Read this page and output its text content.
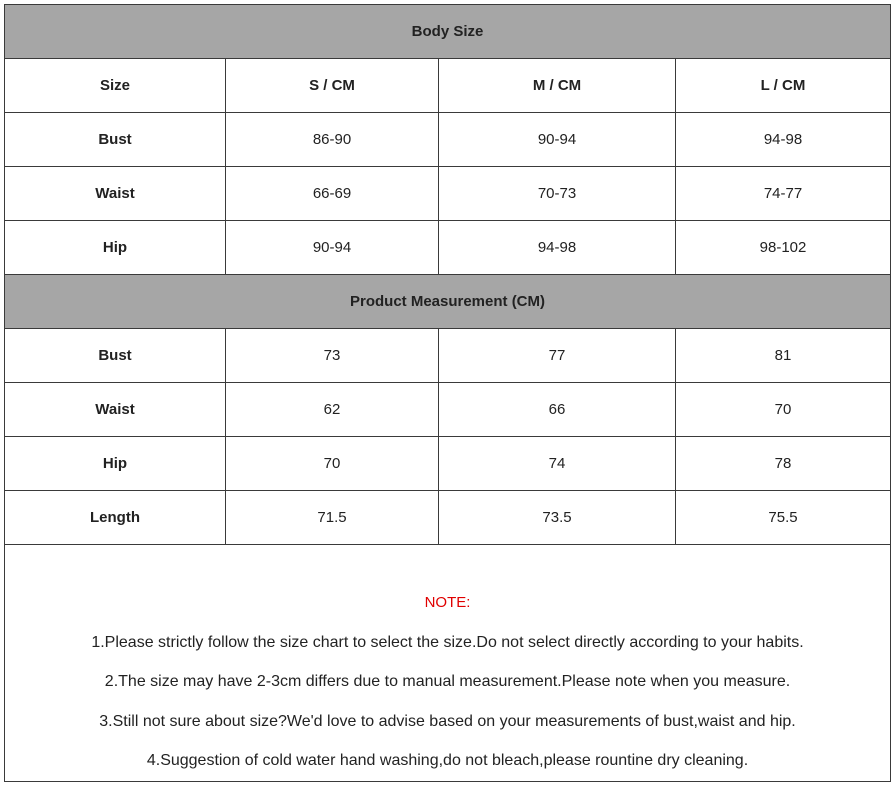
Body Size			
Size	S / CM	M / CM	L / CM
Bust	86-90	90-94	94-98
Waist	66-69	70-73	74-77
Hip	90-94	94-98	98-102
Product Measurement (CM)			
Bust	73	77	81
Waist	62	66	70
Hip	70	74	78
Length	71.5	73.5	75.5

NOTE:
1.Please strictly follow the size chart to select the size.Do not select directly according to your habits.
2.The size may have 2-3cm differs due to manual measurement.Please note when you measure.
3.Still not sure about size?We'd love to advise based on your measurements of bust,waist and hip.
4.Suggestion of cold water hand washing,do not bleach,please rountine dry cleaning.			
